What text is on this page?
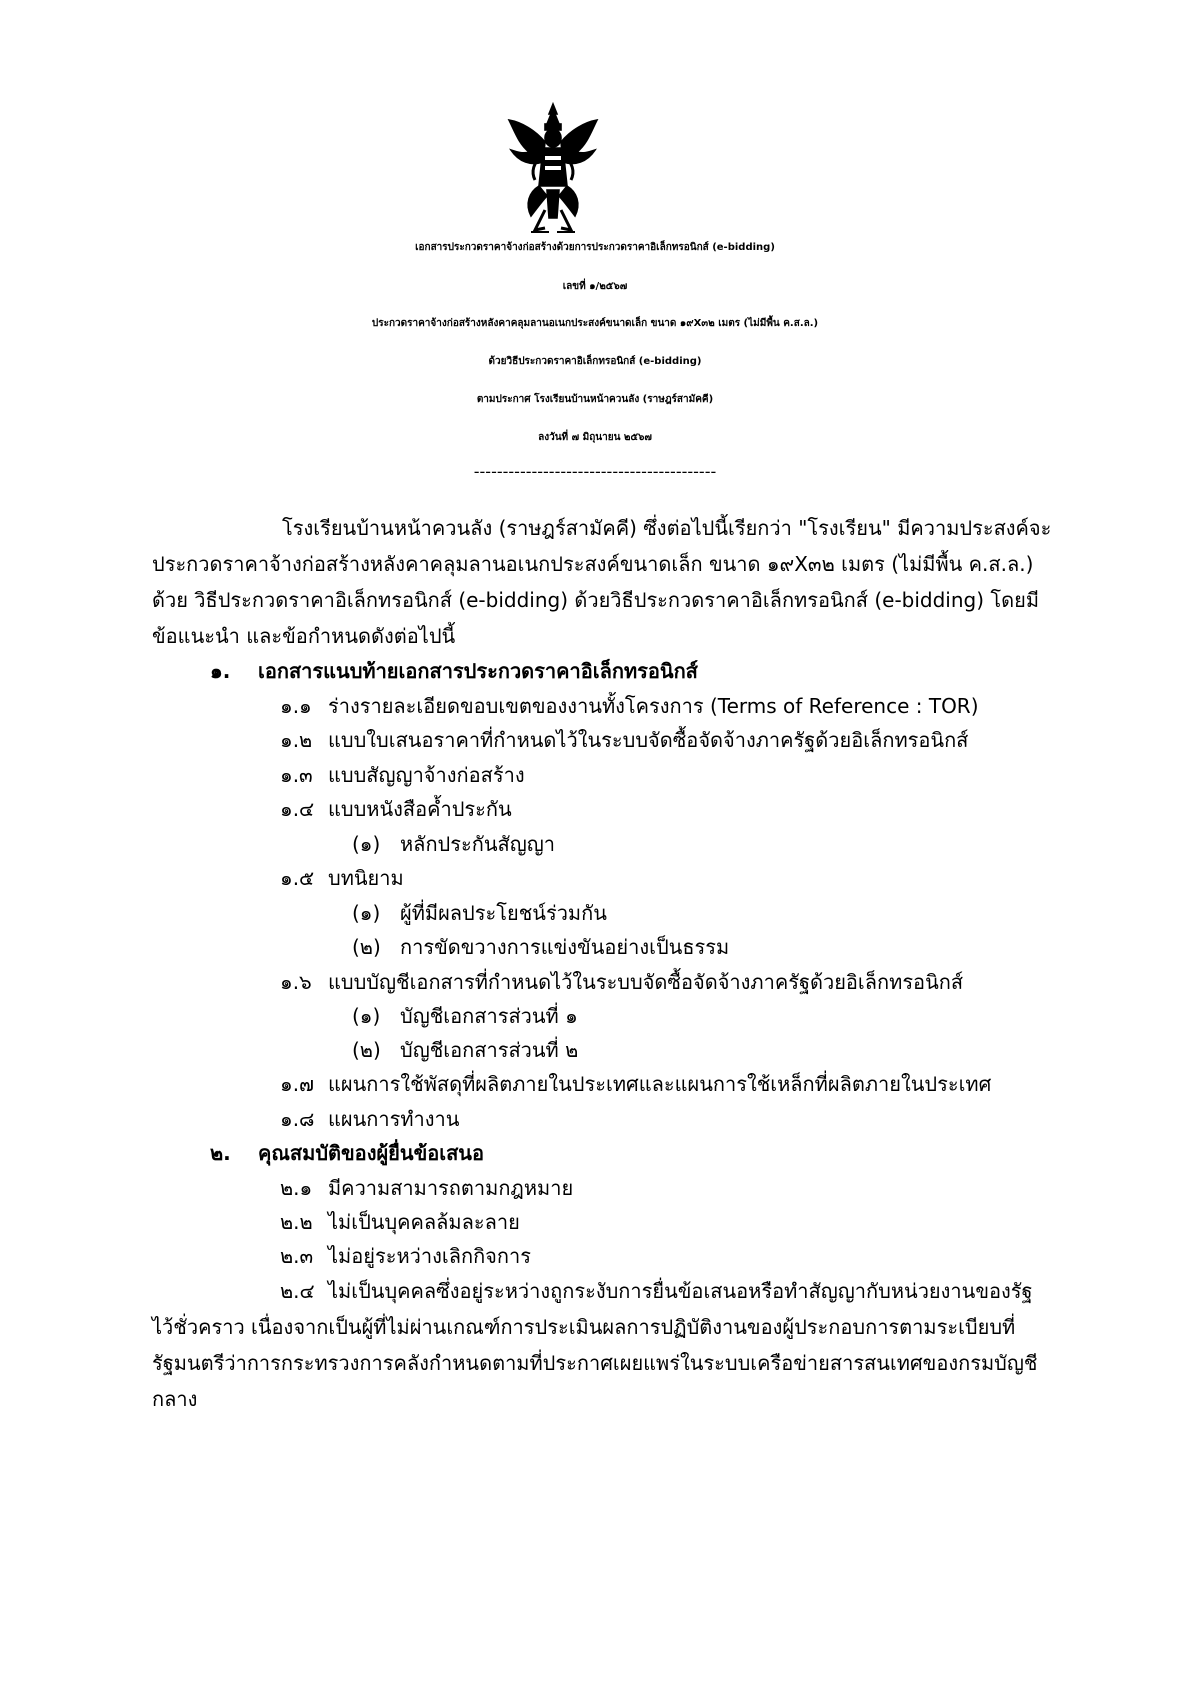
เอกสารประกวดราคาจ้างก่อสร้างด้วยการประกวดราคาอิเล็กทรอนิกส์ (e-bidding)
เลขที่ ๑/๒๕๖๗
ประกวดราคาจ้างก่อสร้างหลังคาคลุมลานอเนกประสงค์ขนาดเล็ก ขนาด ๑๙X๓๒ เมตร (ไม่มีพื้น ค.ส.ล.)
ด้วยวิธีประกวดราคาอิเล็กทรอนิกส์ (e-bidding)
ตามประกาศ โรงเรียนบ้านหน้าควนลัง (ราษฎร์สามัคคี)
ลงวันที่ ๗ มิถุนายน ๒๕๖๗
------------------------------------------
โรงเรียนบ้านหน้าควนลัง (ราษฎร์สามัคคี) ซึ่งต่อไปนี้เรียกว่า "โรงเรียน" มีความประสงค์จะ
ประกวดราคาจ้างก่อสร้างหลังคาคลุมลานอเนกประสงค์ขนาดเล็ก ขนาด ๑๙X๓๒ เมตร (ไม่มีพื้น ค.ส.ล.)
ด้วย วิธีประกวดราคาอิเล็กทรอนิกส์ (e-bidding) ด้วยวิธีประกวดราคาอิเล็กทรอนิกส์ (e-bidding) โดยมี
ข้อแนะนำ และข้อกำหนดดังต่อไปนี้
๑. เอกสารแนบท้ายเอกสารประกวดราคาอิเล็กทรอนิกส์
๑.๑ ร่างรายละเอียดขอบเขตของงานทั้งโครงการ (Terms of Reference : TOR)
๑.๒ แบบใบเสนอราคาที่กำหนดไว้ในระบบจัดซื้อจัดจ้างภาครัฐด้วยอิเล็กทรอนิกส์
๑.๓ แบบสัญญาจ้างก่อสร้าง
๑.๔ แบบหนังสือค้ำประกัน
(๑) หลักประกันสัญญา
๑.๕ บทนิยาม
(๑) ผู้ที่มีผลประโยชน์ร่วมกัน
(๒) การขัดขวางการแข่งขันอย่างเป็นธรรม
๑.๖ แบบบัญชีเอกสารที่กำหนดไว้ในระบบจัดซื้อจัดจ้างภาครัฐด้วยอิเล็กทรอนิกส์
(๑) บัญชีเอกสารส่วนที่ ๑
(๒) บัญชีเอกสารส่วนที่ ๒
๑.๗ แผนการใช้พัสดุที่ผลิตภายในประเทศและแผนการใช้เหล็กที่ผลิตภายในประเทศ
๑.๘ แผนการทำงาน
๒. คุณสมบัติของผู้ยื่นข้อเสนอ
๒.๑ มีความสามารถตามกฎหมาย
๒.๒ ไม่เป็นบุคคลล้มละลาย
๒.๓ ไม่อยู่ระหว่างเลิกกิจการ
๒.๔ ไม่เป็นบุคคลซึ่งอยู่ระหว่างถูกระงับการยื่นข้อเสนอหรือทำสัญญากับหน่วยงานของรัฐ
ไว้ชั่วคราว เนื่องจากเป็นผู้ที่ไม่ผ่านเกณฑ์การประเมินผลการปฏิบัติงานของผู้ประกอบการตามระเบียบที่
รัฐมนตรีว่าการกระทรวงการคลังกำหนดตามที่ประกาศเผยแพร่ในระบบเครือข่ายสารสนเทศของกรมบัญชี
กลาง
